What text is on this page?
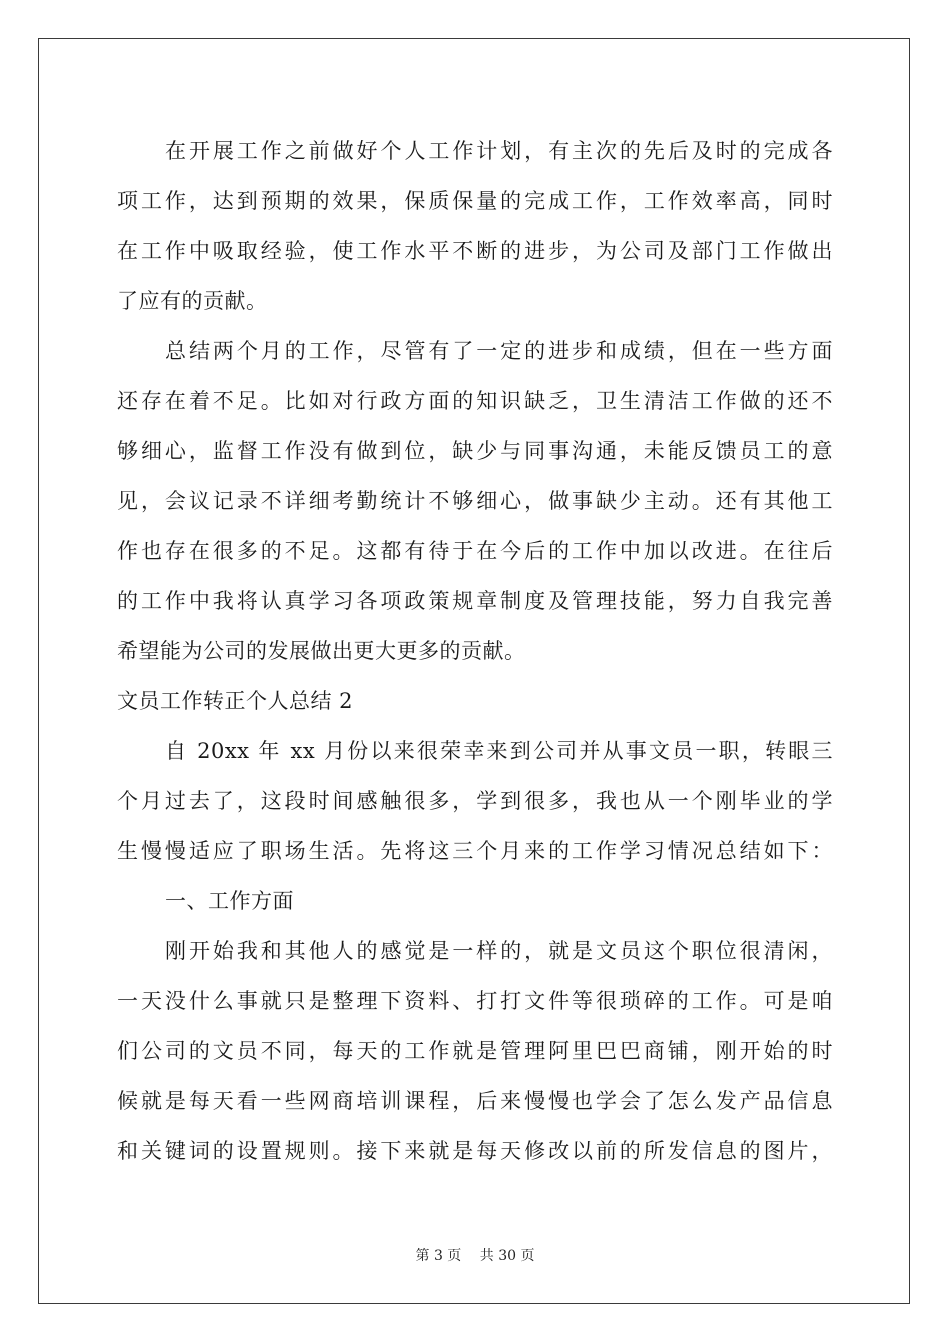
在开展工作之前做好个人工作计划，有主次的先后及时的完成各
项工作，达到预期的效果，保质保量的完成工作，工作效率高，同时
在工作中吸取经验，使工作水平不断的进步，为公司及部门工作做出
了应有的贡献。
总结两个月的工作，尽管有了一定的进步和成绩，但在一些方面
还存在着不足。比如对行政方面的知识缺乏，卫生清洁工作做的还不
够细心，监督工作没有做到位，缺少与同事沟通，未能反馈员工的意
见，会议记录不详细考勤统计不够细心，做事缺少主动。还有其他工
作也存在很多的不足。这都有待于在今后的工作中加以改进。在往后
的工作中我将认真学习各项政策规章制度及管理技能，努力自我完善
希望能为公司的发展做出更大更多的贡献。
文员工作转正个人总结 2
自 20xx 年 xx 月份以来很荣幸来到公司并从事文员一职，转眼三
个月过去了，这段时间感触很多，学到很多，我也从一个刚毕业的学
生慢慢适应了职场生活。先将这三个月来的工作学习情况总结如下：
一、工作方面
刚开始我和其他人的感觉是一样的，就是文员这个职位很清闲，
一天没什么事就只是整理下资料、打打文件等很琐碎的工作。可是咱
们公司的文员不同，每天的工作就是管理阿里巴巴商铺，刚开始的时
候就是每天看一些网商培训课程，后来慢慢也学会了怎么发产品信息
和关键词的设置规则。接下来就是每天修改以前的所发信息的图片，
第 3 页　 共 30 页
